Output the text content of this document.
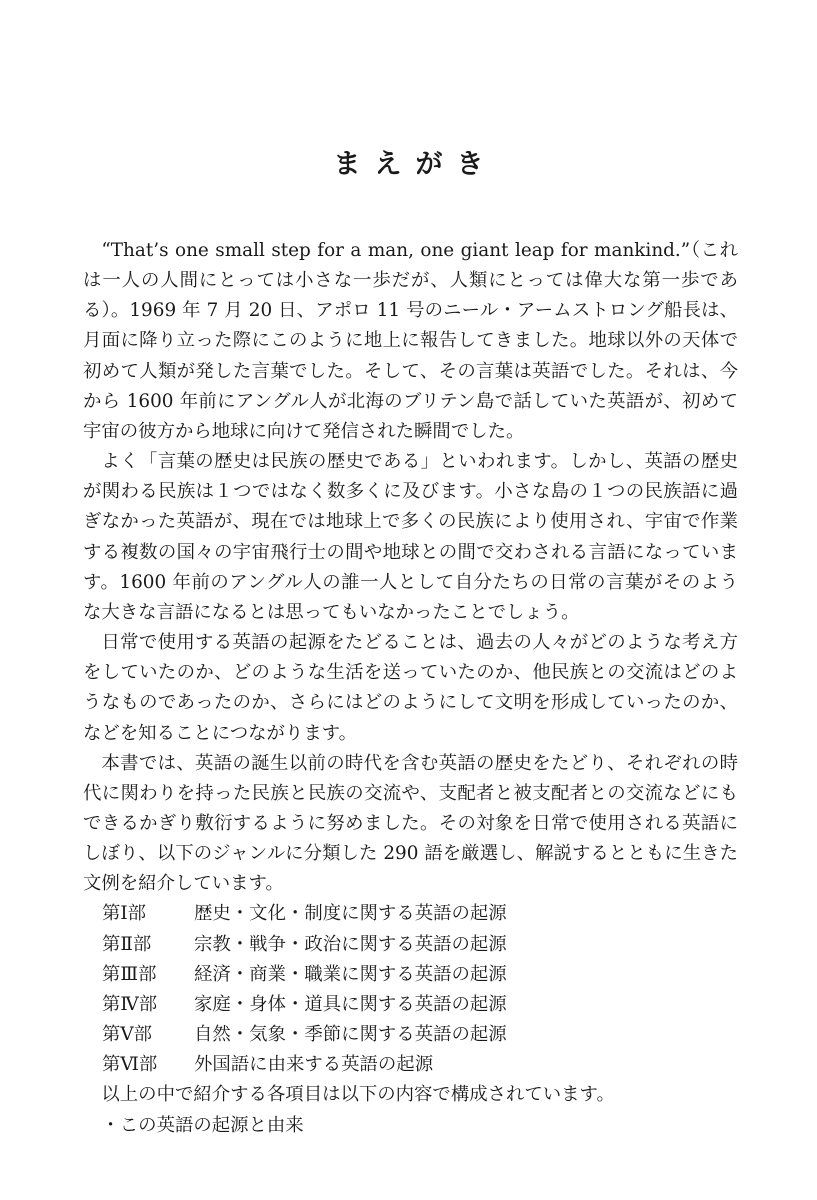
まえがき

“That’s one small step for a man, one giant leap for mankind.”（これは一人の人間にとっては小さな一歩だが、人類にとっては偉大な第一歩である）。1969 年 7 月 20 日、アポロ 11 号のニール・アームストロング船長は、月面に降り立った際にこのように地上に報告してきました。地球以外の天体で初めて人類が発した言葉でした。そして、その言葉は英語でした。それは、今から 1600 年前にアングル人が北海のブリテン島で話していた英語が、初めて宇宙の彼方から地球に向けて発信された瞬間でした。

よく「言葉の歴史は民族の歴史である」といわれます。しかし、英語の歴史が関わる民族は１つではなく数多くに及びます。小さな島の１つの民族語に過ぎなかった英語が、現在では地球上で多くの民族により使用され、宇宙で作業する複数の国々の宇宙飛行士の間や地球との間で交わされる言語になっています。1600 年前のアングル人の誰一人として自分たちの日常の言葉がそのような大きな言語になるとは思ってもいなかったことでしょう。

日常で使用する英語の起源をたどることは、過去の人々がどのような考え方をしていたのか、どのような生活を送っていたのか、他民族との交流はどのようなものであったのか、さらにはどのようにして文明を形成していったのか、などを知ることにつながります。

本書では、英語の誕生以前の時代を含む英語の歴史をたどり、それぞれの時代に関わりを持った民族と民族の交流や、支配者と被支配者との交流などにもできるかぎり敷衍するように努めました。その対象を日常で使用される英語にしぼり、以下のジャンルに分類した 290 語を厳選し、解説するとともに生きた文例を紹介しています。

第Ⅰ部	歴史・文化・制度に関する英語の起源
第Ⅱ部 宗教・戦争・政治に関する英語の起源
第Ⅲ部 経済・商業・職業に関する英語の起源
第Ⅳ部 家庭・身体・道具に関する英語の起源
第Ⅴ部 自然・気象・季節に関する英語の起源
第Ⅵ部 外国語に由来する英語の起源

以上の中で紹介する各項目は以下の内容で構成されています。

・この英語の起源と由来
